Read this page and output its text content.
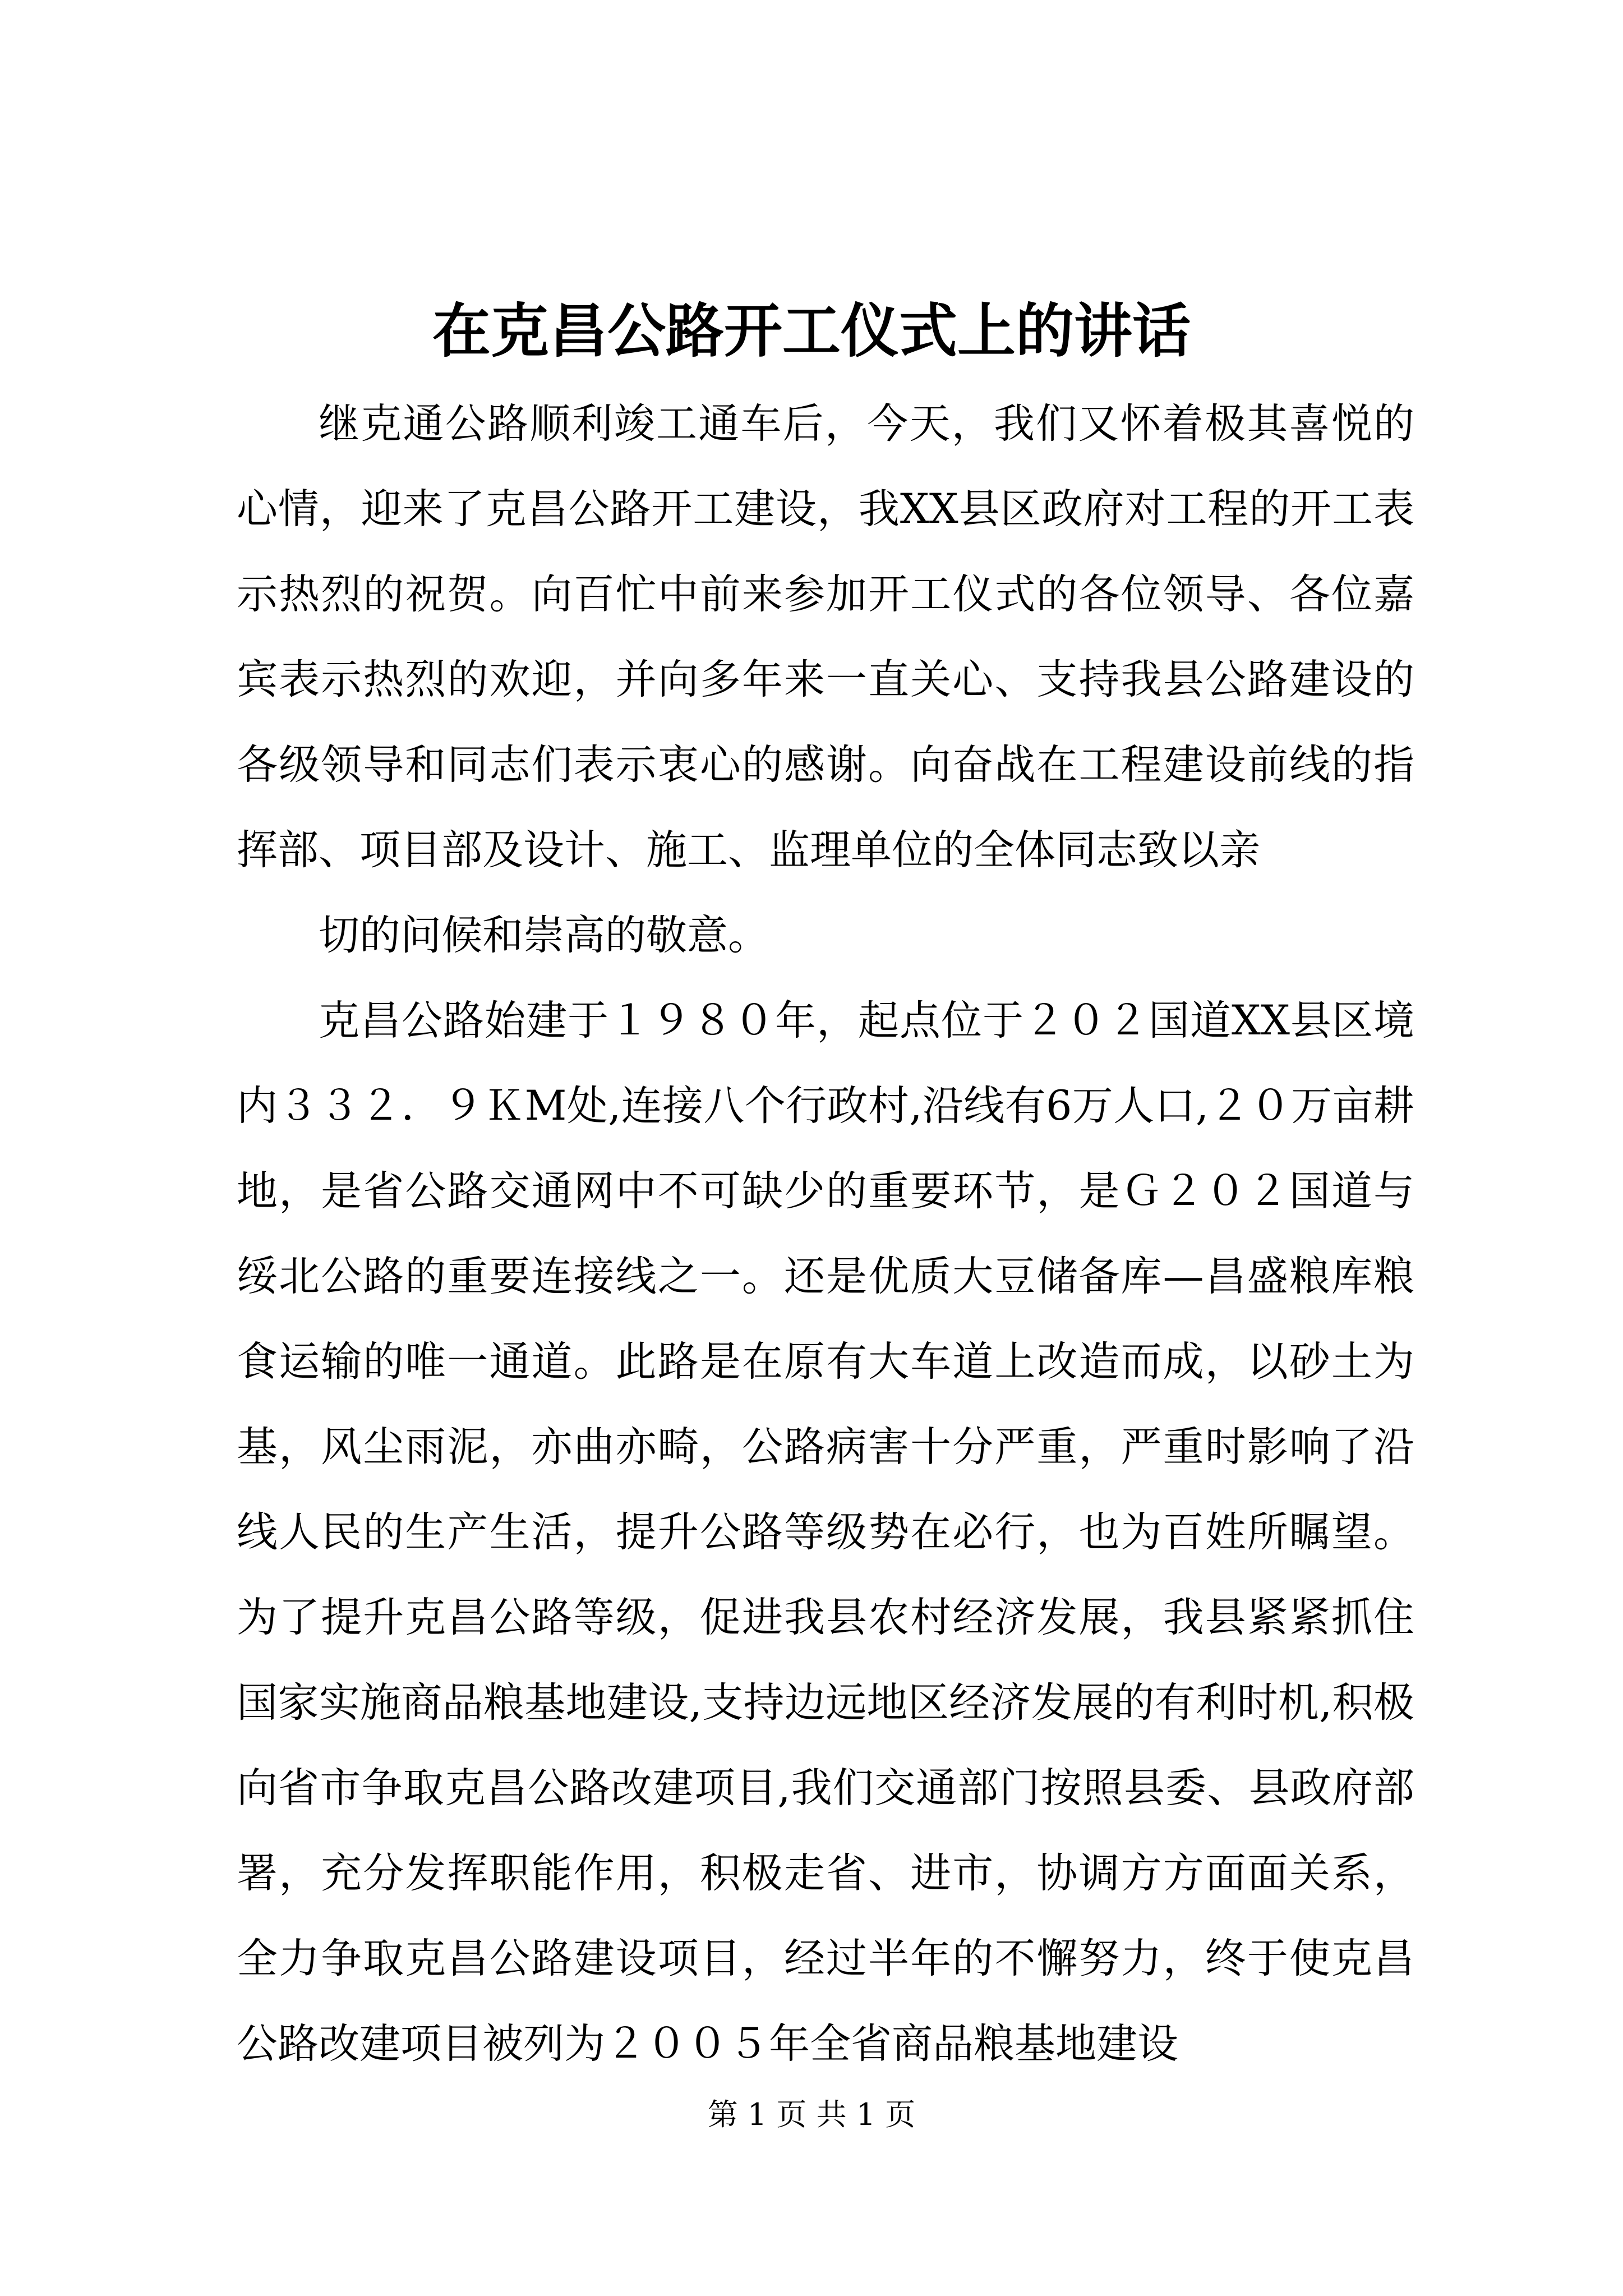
在克昌公路开工仪式上的讲话

继克通公路顺利竣工通车后，今天，我们又怀着极其喜悦的心情，迎来了克昌公路开工建设，我XX县区政府对工程的开工表示热烈的祝贺。向百忙中前来参加开工仪式的各位领导、各位嘉宾表示热烈的欢迎，并向多年来一直关心、支持我县公路建设的各级领导和同志们表示衷心的感谢。向奋战在工程建设前线的指挥部、项目部及设计、施工、监理单位的全体同志致以亲

切的问候和崇高的敬意。

克昌公路始建于１９８０年，起点位于２０２国道XX县区境内３３２．９ＫM处,连接八个行政村,沿线有6万人口,２０万亩耕地，是省公路交通网中不可缺少的重要环节，是Ｇ２０２国道与绥北公路的重要连接线之一。还是优质大豆储备库—昌盛粮库粮食运输的唯一通道。此路是在原有大车道上改造而成，以砂土为基，风尘雨泥，亦曲亦畸，公路病害十分严重，严重时影响了沿线人民的生产生活，提升公路等级势在必行，也为百姓所瞩望。为了提升克昌公路等级，促进我县农村经济发展，我县紧紧抓住国家实施商品粮基地建设,支持边远地区经济发展的有利时机,积极向省市争取克昌公路改建项目,我们交通部门按照县委、县政府部署，充分发挥职能作用，积极走省、进市，协调方方面面关系，全力争取克昌公路建设项目，经过半年的不懈努力，终于使克昌公路改建项目被列为２００５年全省商品粮基地建设

第 1 页 共 1 页
